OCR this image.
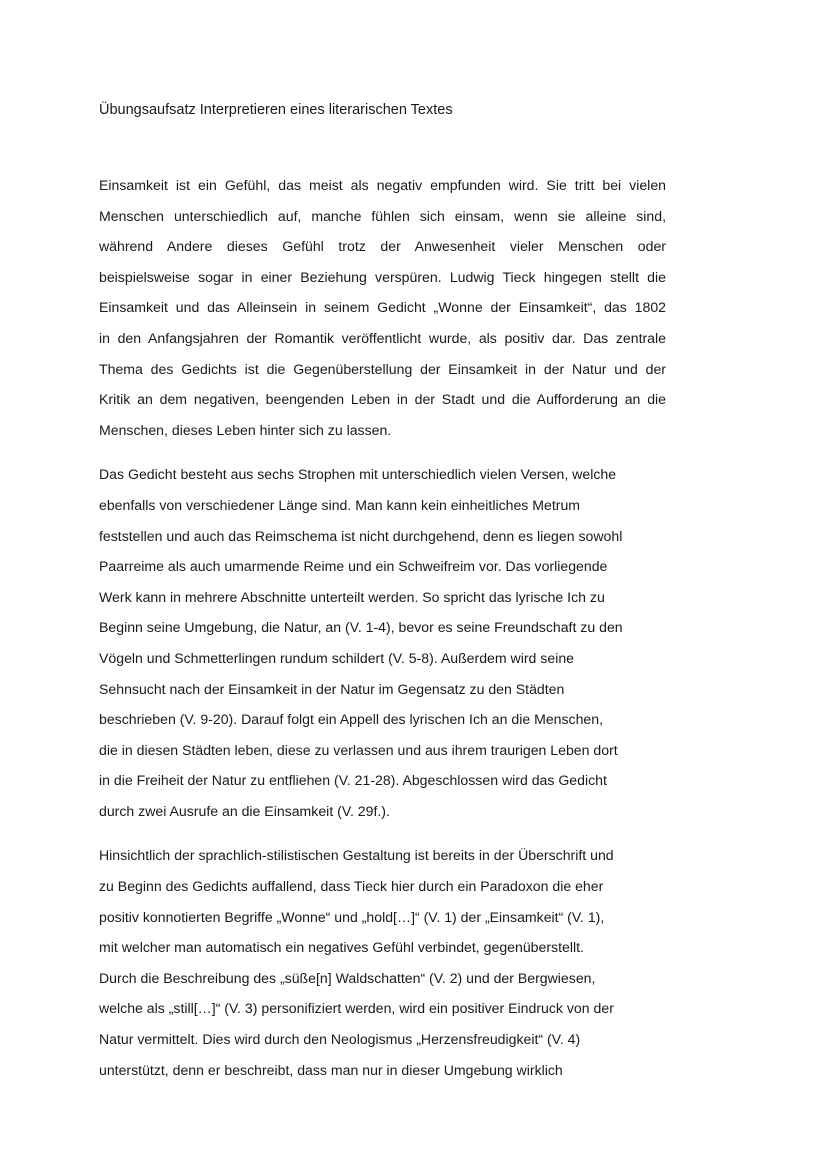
Übungsaufsatz Interpretieren eines literarischen Textes
Einsamkeit ist ein Gefühl, das meist als negativ empfunden wird. Sie tritt bei vielen
Menschen unterschiedlich auf, manche fühlen sich einsam, wenn sie alleine sind,
während Andere dieses Gefühl trotz der Anwesenheit vieler Menschen oder
beispielsweise sogar in einer Beziehung verspüren. Ludwig Tieck hingegen stellt die
Einsamkeit und das Alleinsein in seinem Gedicht „Wonne der Einsamkeit“, das 1802
in den Anfangsjahren der Romantik veröffentlicht wurde, als positiv dar. Das zentrale
Thema des Gedichts ist die Gegenüberstellung der Einsamkeit in der Natur und der
Kritik an dem negativen, beengenden Leben in der Stadt und die Aufforderung an die
Menschen, dieses Leben hinter sich zu lassen.
Das Gedicht besteht aus sechs Strophen mit unterschiedlich vielen Versen, welche
ebenfalls von verschiedener Länge sind. Man kann kein einheitliches Metrum
feststellen und auch das Reimschema ist nicht durchgehend, denn es liegen sowohl
Paarreime als auch umarmende Reime und ein Schweifreim vor. Das vorliegende
Werk kann in mehrere Abschnitte unterteilt werden. So spricht das lyrische Ich zu
Beginn seine Umgebung, die Natur, an (V. 1-4), bevor es seine Freundschaft zu den
Vögeln und Schmetterlingen rundum schildert (V. 5-8). Außerdem wird seine
Sehnsucht nach der Einsamkeit in der Natur im Gegensatz zu den Städten
beschrieben (V. 9-20). Darauf folgt ein Appell des lyrischen Ich an die Menschen,
die in diesen Städten leben, diese zu verlassen und aus ihrem traurigen Leben dort
in die Freiheit der Natur zu entfliehen (V. 21-28). Abgeschlossen wird das Gedicht
durch zwei Ausrufe an die Einsamkeit (V. 29f.).
Hinsichtlich der sprachlich-stilistischen Gestaltung ist bereits in der Überschrift und
zu Beginn des Gedichts auffallend, dass Tieck hier durch ein Paradoxon die eher
positiv konnotierten Begriffe „Wonne“ und „hold[…]“ (V. 1) der „Einsamkeit“ (V. 1),
mit welcher man automatisch ein negatives Gefühl verbindet, gegenüberstellt.
Durch die Beschreibung des „süße[n] Waldschatten“ (V. 2) und der Bergwiesen,
welche als „still[…]“ (V. 3) personifiziert werden, wird ein positiver Eindruck von der
Natur vermittelt. Dies wird durch den Neologismus „Herzensfreudigkeit“ (V. 4)
unterstützt, denn er beschreibt, dass man nur in dieser Umgebung wirklich
